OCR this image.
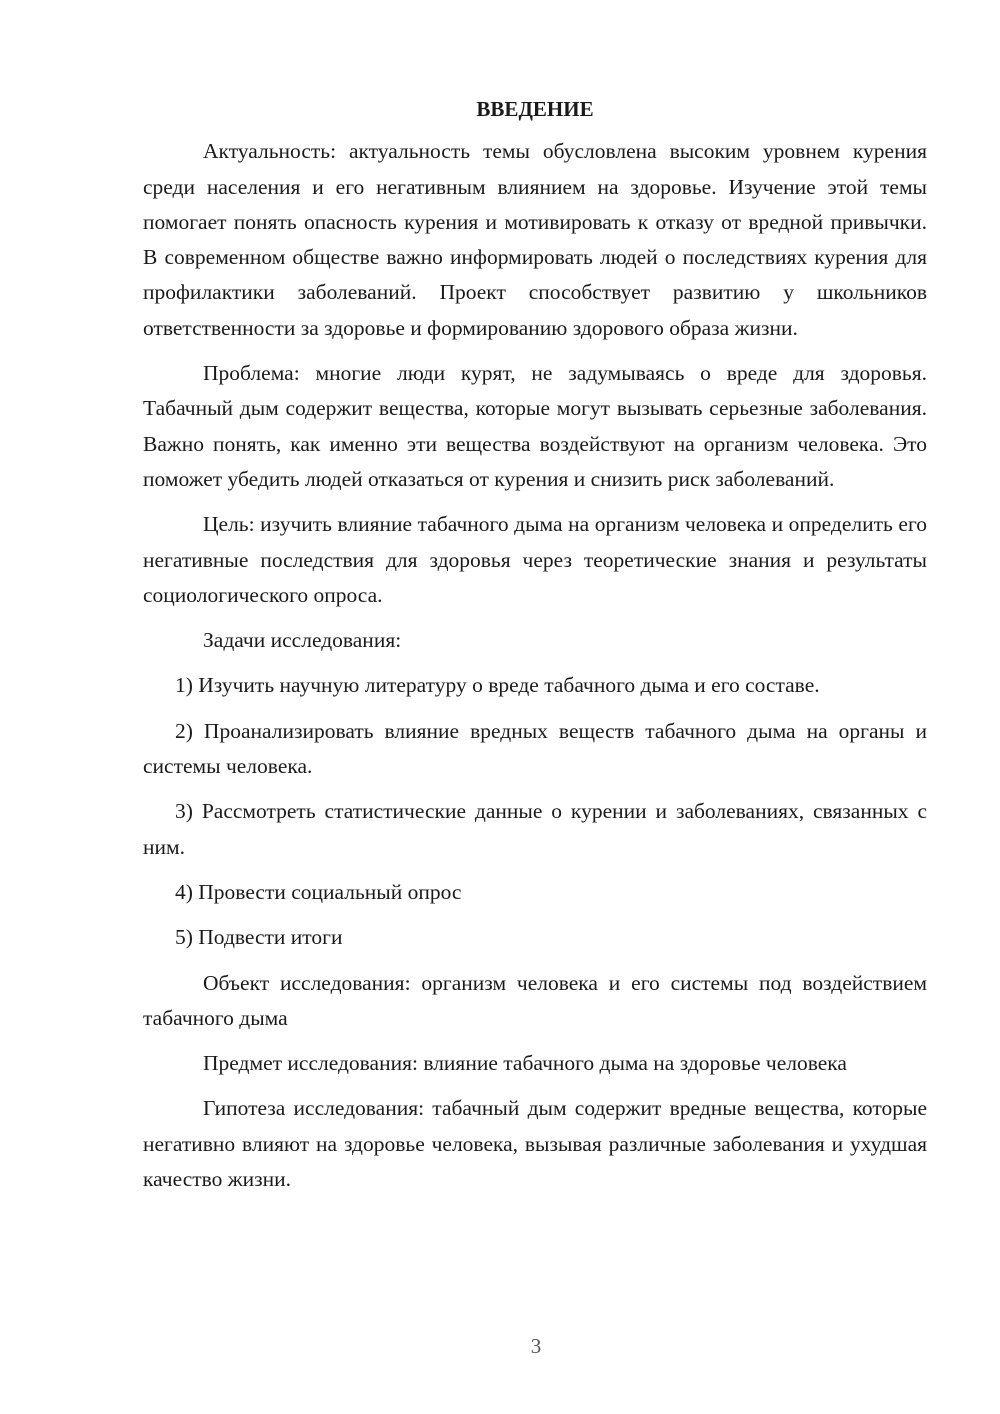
ВВЕДЕНИЕ

Актуальность: актуальность темы обусловлена высоким уровнем курения среди населения и его негативным влиянием на здоровье. Изучение этой темы помогает понять опасность курения и мотивировать к отказу от вредной привычки. В современном обществе важно информировать людей о последствиях курения для профилактики заболеваний. Проект способствует развитию у школьников ответственности за здоровье и формированию здорового образа жизни.

Проблема: многие люди курят, не задумываясь о вреде для здоровья. Табачный дым содержит вещества, которые могут вызывать серьезные заболевания. Важно понять, как именно эти вещества воздействуют на организм человека. Это поможет убедить людей отказаться от курения и снизить риск заболеваний.

Цель: изучить влияние табачного дыма на организм человека и определить его негативные последствия для здоровья через теоретические знания и результаты социологического опроса.

Задачи исследования:

1) Изучить научную литературу о вреде табачного дыма и его составе.
2) Проанализировать влияние вредных веществ табачного дыма на органы и системы человека.
3) Рассмотреть статистические данные о курении и заболеваниях, связанных с ним.
4) Провести социальный опрос
5) Подвести итоги

Объект исследования: организм человека и его системы под воздействием табачного дыма

Предмет исследования: влияние табачного дыма на здоровье человека

Гипотеза исследования: табачный дым содержит вредные вещества, которые негативно влияют на здоровье человека, вызывая различные заболевания и ухудшая качество жизни.

3
